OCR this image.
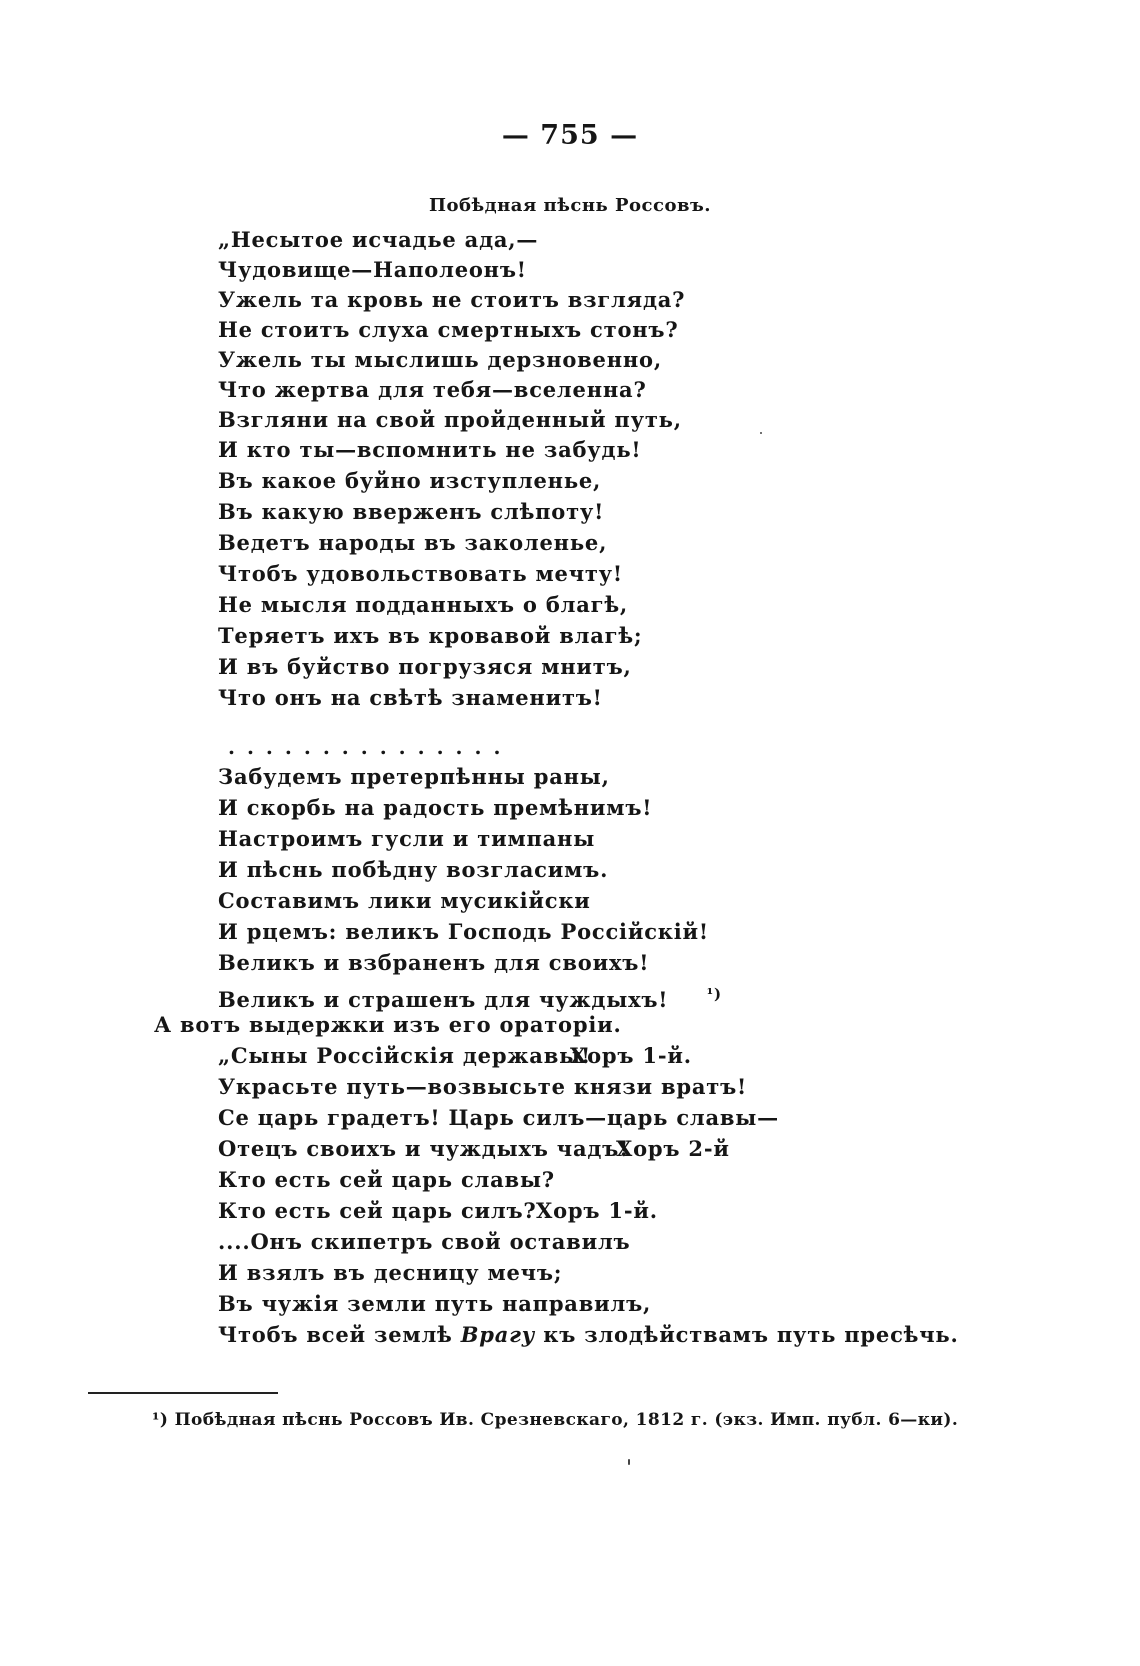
— 755 —
Побѣдная пѣснь Россовъ.
„Несытое исчадье ада,—
Чудовище—Наполеонъ!
Ужель та кровь не стоитъ взгляда?
Не стоитъ слуха смертныхъ стонъ?
Ужель ты мыслишь дерзновенно,
Что жертва для тебя—вселенна?
Взгляни на свой пройденный путь,
И кто ты—вспомнить не забудь!
Въ какое буйно изступленье,
Въ какую вверженъ слѣпоту!
Ведетъ народы въ заколенье,
Чтобъ удовольствовать мечту!
Не мысля подданныхъ о благѣ,
Теряетъ ихъ въ кровавой влагѣ;
И въ буйство погрузяся мнитъ,
Что онъ на свѣтѣ знаменитъ!
...............
Забудемъ претерпѣнны раны,
И скорбь на радость премѣнимъ!
Настроимъ гусли и тимпаны
И пѣснь побѣдну возгласимъ.
Составимъ лики мусикійски
И рцемъ: великъ Господь Россійскій!
Великъ и взбраненъ для своихъ!
Великъ и страшенъ для чуждыхъ!	$^{^1)}$
А вотъ выдержки изъ его ораторіи.
„Сыны Россійскія державы!
Хоръ 1-й.
Украсьте путь—возвысьте князи вратъ!
Се царь градетъ! Царь силъ—царь славы—
Отецъ своихъ и чуждыхъ чадъ!
Хоръ 2-й
Кто есть сей царь славы?
Кто есть сей царь силъ? Хоръ 1-й.
....Онъ скипетръ свой оставилъ
И взялъ въ десницу мечъ;
Въ чужія земли путь направилъ,
Чтобъ всей землѣ Врагу къ злодѣйствамъ путь пресѣчь.
¹) Побѣдная пѣснь Россовъ Ив. Срезневскаго, 1812 г. (экз. Имп. публ. 6—ки).
